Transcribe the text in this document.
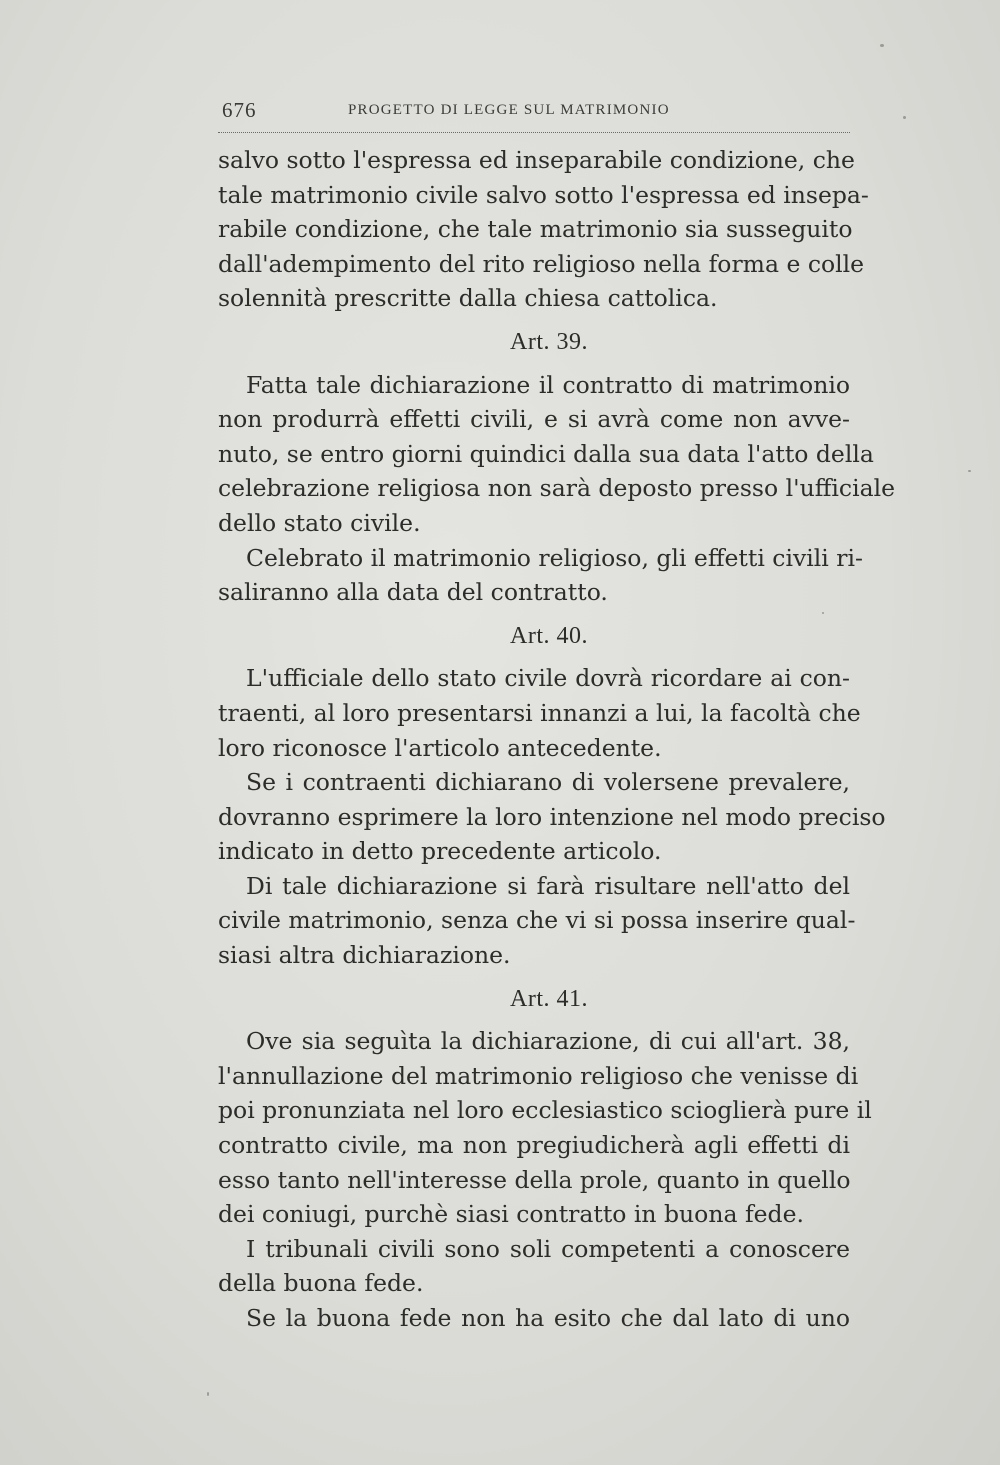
676	PROGETTO DI LEGGE SUL MATRIMONIO
salvo sotto l'espressa ed inseparabile condizione, che
tale matrimonio civile salvo sotto l'espressa ed insepa-
rabile condizione, che tale matrimonio sia susseguito
dall'adempimento del rito religioso nella forma e colle
solennità prescritte dalla chiesa cattolica.
Art. 39.
Fatta tale dichiarazione il contratto di matrimonio
non produrrà effetti civili, e si avrà come non avve-
nuto, se entro giorni quindici dalla sua data l'atto della
celebrazione religiosa non sarà deposto presso l'ufficiale
dello stato civile.
Celebrato il matrimonio religioso, gli effetti civili ri-
saliranno alla data del contratto.
Art. 40.
L'ufficiale dello stato civile dovrà ricordare ai con-
traenti, al loro presentarsi innanzi a lui, la facoltà che
loro riconosce l'articolo antecedente.
Se i contraenti dichiarano di volersene prevalere,
dovranno esprimere la loro intenzione nel modo preciso
indicato in detto precedente articolo.
Di tale dichiarazione si farà risultare nell'atto del
civile matrimonio, senza che vi si possa inserire qual-
siasi altra dichiarazione.
Art. 41.
Ove sia seguìta la dichiarazione, di cui all'art. 38,
l'annullazione del matrimonio religioso che venisse di
poi pronunziata nel loro ecclesiastico scioglierà pure il
contratto civile, ma non pregiudicherà agli effetti di
esso tanto nell'interesse della prole, quanto in quello
dei coniugi, purchè siasi contratto in buona fede.
I tribunali civili sono soli competenti a conoscere
della buona fede.
Se la buona fede non ha esito che dal lato di uno
